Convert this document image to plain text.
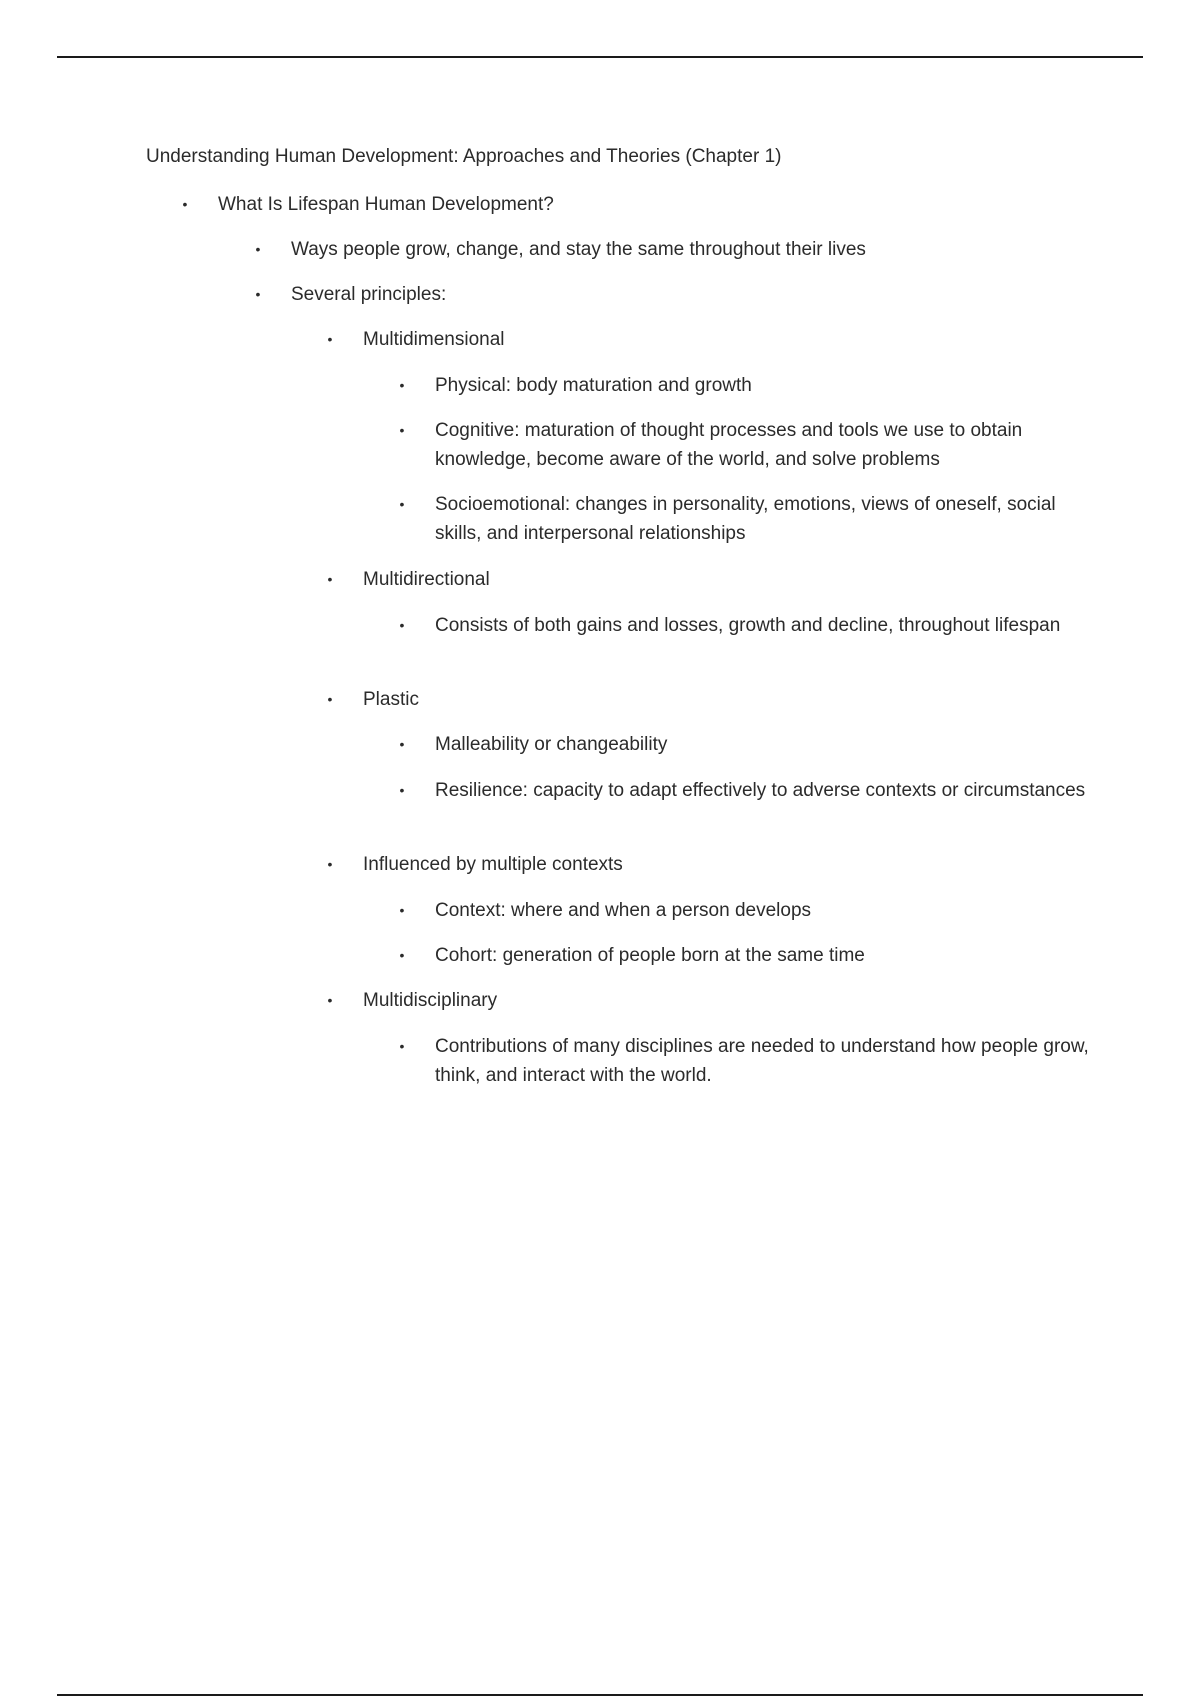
Understanding Human Development: Approaches and Theories (Chapter 1)
• What Is Lifespan Human Development?
• Ways people grow, change, and stay the same throughout their lives
• Several principles:
• Multidimensional
• Physical: body maturation and growth
• Cognitive: maturation of thought processes and tools we use to obtain knowledge, become aware of the world, and solve problems
• Socioemotional: changes in personality, emotions, views of oneself, social skills, and interpersonal relationships
• Multidirectional
• Consists of both gains and losses, growth and decline, throughout lifespan
• Plastic
• Malleability or changeability
• Resilience: capacity to adapt effectively to adverse contexts or circumstances
• Influenced by multiple contexts
• Context: where and when a person develops
• Cohort: generation of people born at the same time
• Multidisciplinary
• Contributions of many disciplines are needed to understand how people grow, think, and interact with the world.
